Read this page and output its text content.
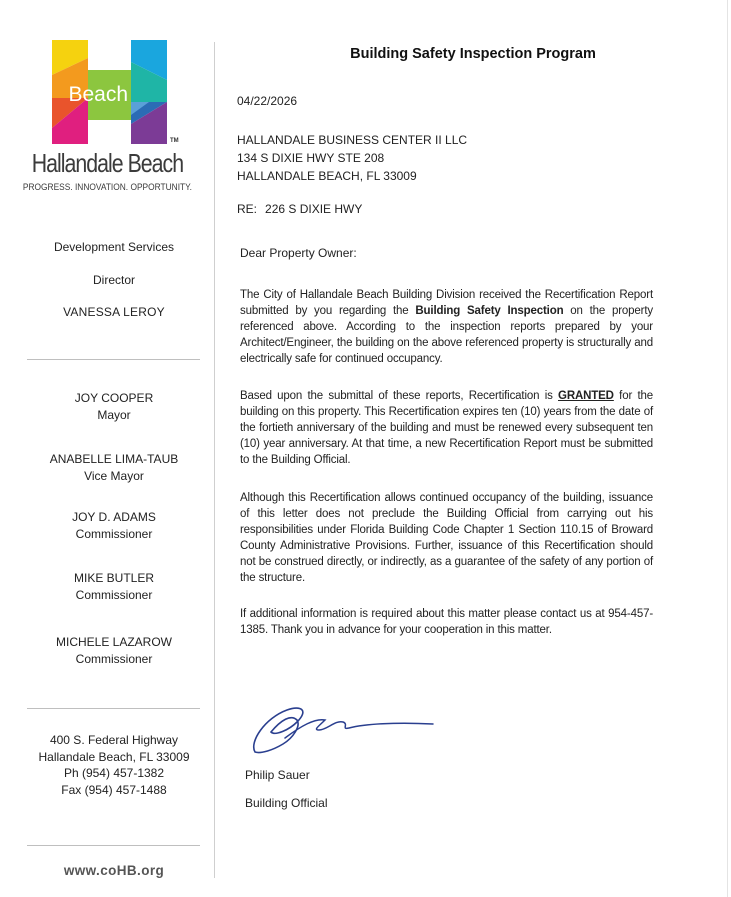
Beach
TM
Hallandale Beach
PROGRESS. INNOVATION. OPPORTUNITY.
Development Services
Director
VANESSA LEROY
JOY COOPER
Mayor
ANABELLE LIMA-TAUB
Vice Mayor
JOY D. ADAMS
Commissioner
MIKE BUTLER
Commissioner
MICHELE LAZAROW
Commissioner
400 S. Federal Highway
Hallandale Beach, FL 33009
Ph (954) 457-1382
Fax (954) 457-1488
www.coHB.org
Building Safety Inspection Program
04/22/2026
HALLANDALE BUSINESS CENTER II LLC
134 S DIXIE HWY STE 208
HALLANDALE BEACH, FL 33009
RE: 226 S DIXIE HWY
Dear Property Owner:

The City of Hallandale Beach Building Division received the Recertification Report submitted by you regarding the Building Safety Inspection on the property referenced above. According to the inspection reports prepared by your Architect/Engineer, the building on the above referenced property is structurally and electrically safe for continued occupancy.

Based upon the submittal of these reports, Recertification is GRANTED for the building on this property. This Recertification expires ten (10) years from the date of the fortieth anniversary of the building and must be renewed every subsequent ten (10) year anniversary. At that time, a new Recertification Report must be submitted to the Building Official.

Although this Recertification allows continued occupancy of the building, issuance of this letter does not preclude the Building Official from carrying out his responsibilities under Florida Building Code Chapter 1 Section 110.15 of Broward County Administrative Provisions. Further, issuance of this Recertification should not be construed directly, or indirectly, as a guarantee of the safety of any portion of the structure.

If additional information is required about this matter please contact us at 954-457-1385. Thank you in advance for your cooperation in this matter.

Philip Sauer
Building Official
